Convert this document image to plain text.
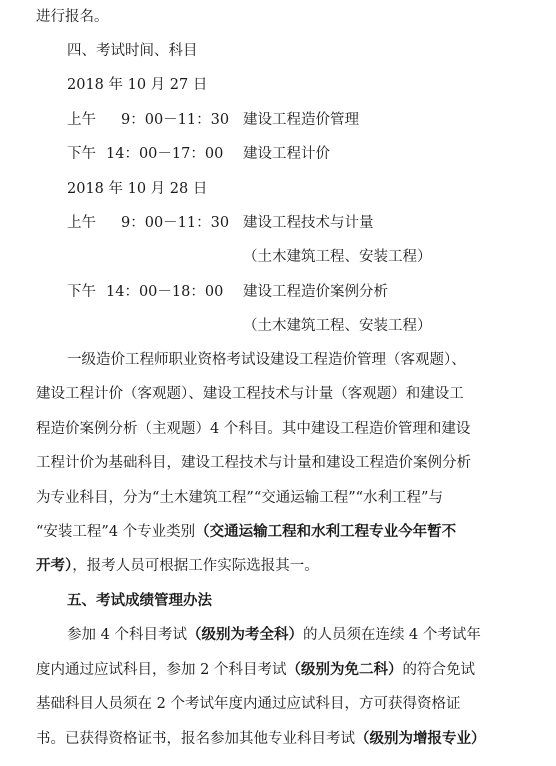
进行报名。
四、考试时间、科目
2018 年 10 月 27 日
上午 9：00－11：30 建设工程造价管理
下午 14：00－17：00 建设工程计价
2018 年 10 月 28 日
上午 9：00－11：30 建设工程技术与计量
（土木建筑工程、安装工程）
下午 14：00－18：00 建设工程造价案例分析
（土木建筑工程、安装工程）
一级造价工程师职业资格考试设建设工程造价管理（客观题）、
建设工程计价（客观题）、建设工程技术与计量（客观题）和建设工
程造价案例分析（主观题）4 个科目。其中建设工程造价管理和建设
工程计价为基础科目，建设工程技术与计量和建设工程造价案例分析
为专业科目，分为“土木建筑工程”“交通运输工程”“水利工程”与
“安装工程”4 个专业类别（交通运输工程和水利工程专业今年暂不
开考），报考人员可根据工作实际选报其一。
五、考试成绩管理办法
参加 4 个科目考试（级别为考全科）的人员须在连续 4 个考试年
度内通过应试科目，参加 2 个科目考试（级别为免二科）的符合免试
基础科目人员须在 2 个考试年度内通过应试科目，方可获得资格证
书。已获得资格证书，报名参加其他专业科目考试（级别为增报专业）
